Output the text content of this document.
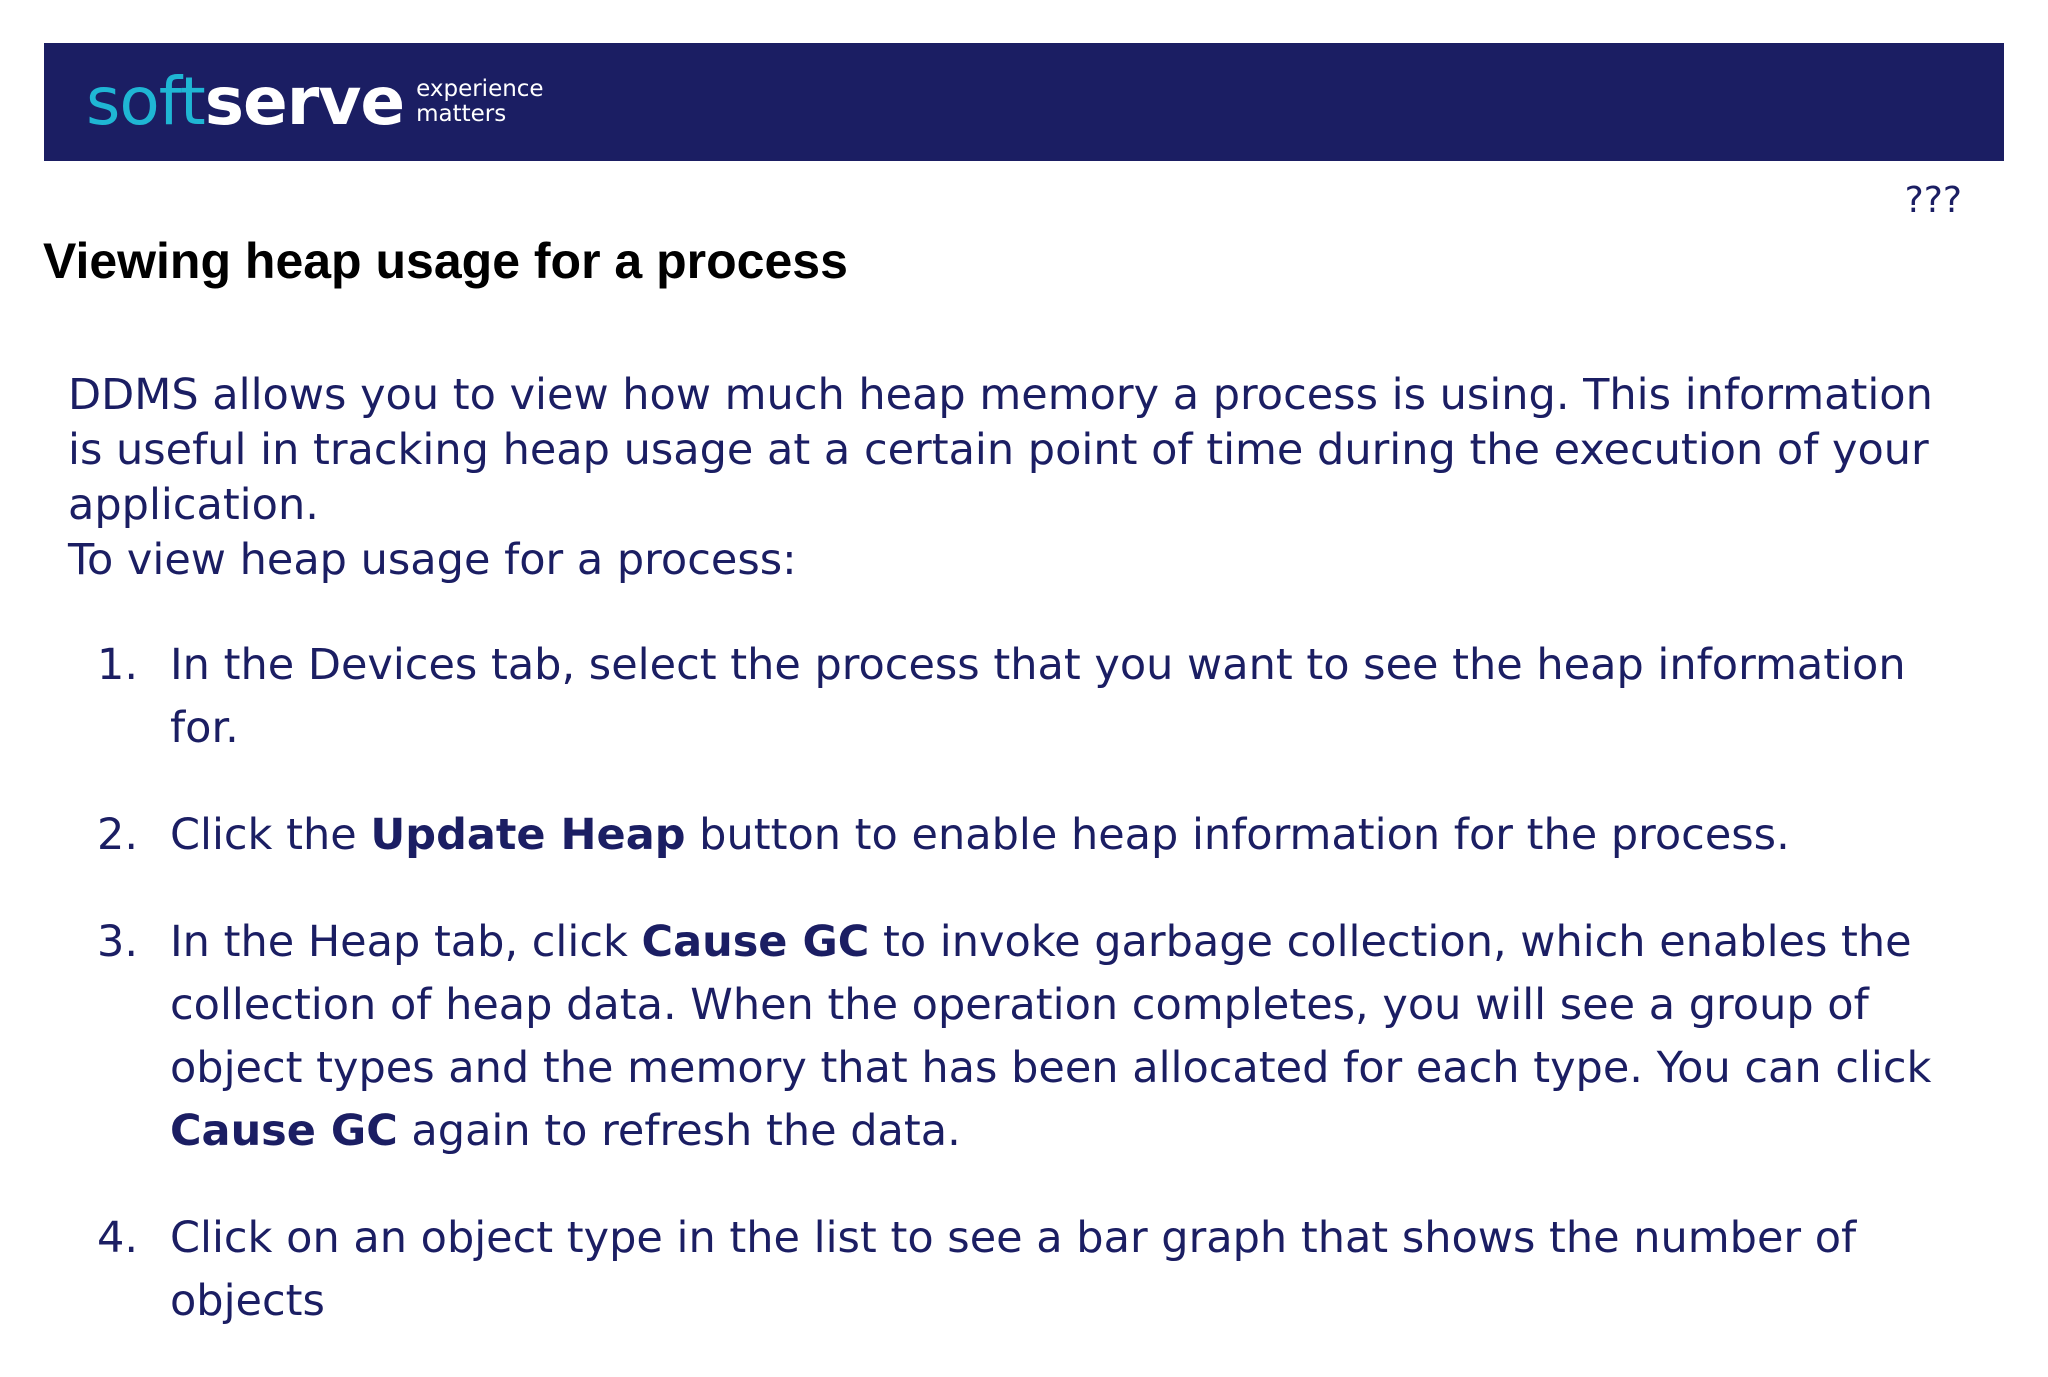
softserve experience
matters
???
Viewing heap usage for a process

DDMS allows you to view how much heap memory a process is using. This information is useful in tracking heap usage at a certain point of time during the execution of your application.

To view heap usage for a process:

1. In the Devices tab, select the process that you want to see the heap information for.
2. Click the Update Heap button to enable heap information for the process.
3. In the Heap tab, click Cause GC to invoke garbage collection, which enables the collection of heap data. When the operation completes, you will see a group of object types and the memory that has been allocated for each type. You can click Cause GC again to refresh the data.
4. Click on an object type in the list to see a bar graph that shows the number of objects
